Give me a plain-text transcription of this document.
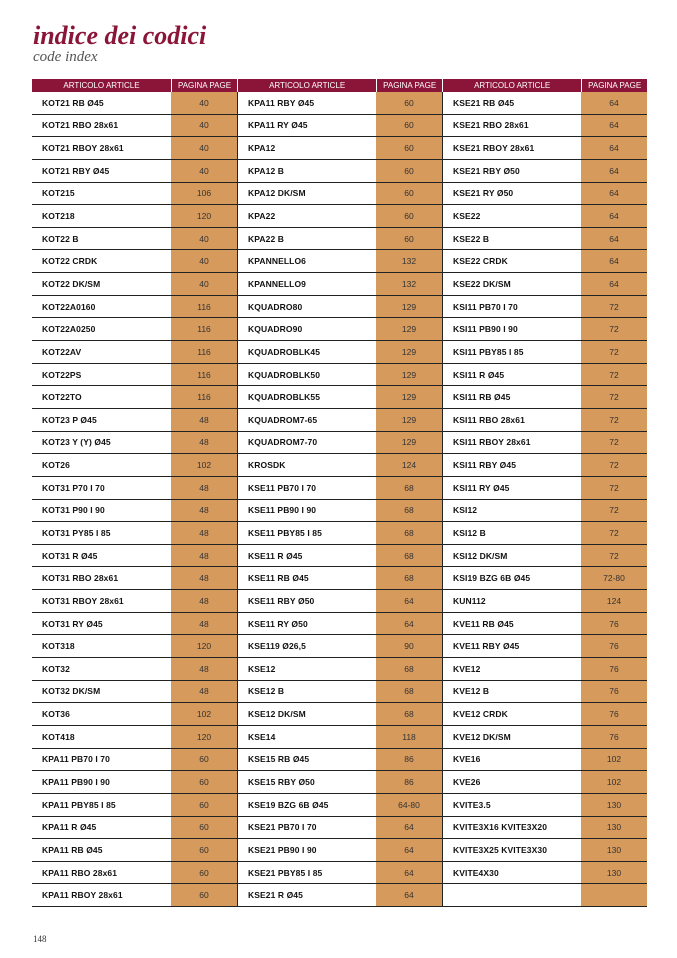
indice dei codici
code index
ARTICOLO ARTICLE	PAGINA PAGE
KOT21 RB Ø45	40
KOT21 RBO 28x61	40
KOT21 RBOY 28x61	40
KOT21 RBY Ø45	40
KOT215	106
KOT218	120
KOT22 B	40
KOT22 CRDK	40
KOT22 DK/SM	40
KOT22A0160	116
KOT22A0250	116
KOT22AV	116
KOT22PS	116
KOT22TO	116
KOT23 P Ø45	48
KOT23 Y (Y) Ø45	48
KOT26	102
KOT31 P70 I 70	48
KOT31 P90 I 90	48
KOT31 PY85 I 85	48
KOT31 R Ø45	48
KOT31 RBO 28x61	48
KOT31 RBOY 28x61	48
KOT31 RY Ø45	48
KOT318	120
KOT32	48
KOT32 DK/SM	48
KOT36	102
KOT418	120
KPA11 PB70 I 70	60
KPA11 PB90 I 90	60
KPA11 PBY85 I 85	60
KPA11 R Ø45	60
KPA11 RB Ø45	60
KPA11 RBO 28x61	60
KPA11 RBOY 28x61	60
ARTICOLO ARTICLE	PAGINA PAGE
KPA11 RBY Ø45	60
KPA11 RY Ø45	60
KPA12	60
KPA12 B	60
KPA12 DK/SM	60
KPA22	60
KPA22 B	60
KPANNELLO6	132
KPANNELLO9	132
KQUADRO80	129
KQUADRO90	129
KQUADROBLK45	129
KQUADROBLK50	129
KQUADROBLK55	129
KQUADROM7-65	129
KQUADROM7-70	129
KROSDK	124
KSE11 PB70 I 70	68
KSE11 PB90 I 90	68
KSE11 PBY85 I 85	68
KSE11 R Ø45	68
KSE11 RB Ø45	68
KSE11 RBY Ø50	64
KSE11 RY Ø50	64
KSE119 Ø26,5	90
KSE12	68
KSE12 B	68
KSE12 DK/SM	68
KSE14	118
KSE15 RB Ø45	86
KSE15 RBY Ø50	86
KSE19 BZG 6B Ø45	64-80
KSE21 PB70 I 70	64
KSE21 PB90 I 90	64
KSE21 PBY85 I 85	64
KSE21 R Ø45	64
ARTICOLO ARTICLE	PAGINA PAGE
KSE21 RB Ø45	64
KSE21 RBO 28x61	64
KSE21 RBOY 28x61	64
KSE21 RBY Ø50	64
KSE21 RY Ø50	64
KSE22	64
KSE22 B	64
KSE22 CRDK	64
KSE22 DK/SM	64
KSI11 PB70 I 70	72
KSI11 PB90 I 90	72
KSI11 PBY85 I 85	72
KSI11 R Ø45	72
KSI11 RB Ø45	72
KSI11 RBO 28x61	72
KSI11 RBOY 28x61	72
KSI11 RBY Ø45	72
KSI11 RY Ø45	72
KSI12	72
KSI12 B	72
KSI12 DK/SM	72
KSI19 BZG 6B Ø45	72-80
KUN112	124
KVE11 RB Ø45	76
KVE11 RBY Ø45	76
KVE12	76
KVE12 B	76
KVE12 CRDK	76
KVE12 DK/SM	76
KVE16	102
KVE26	102
KVITE3.5	130
KVITE3X16 KVITE3X20	130
KVITE3X25 KVITE3X30	130
KVITE4X30	130
148
